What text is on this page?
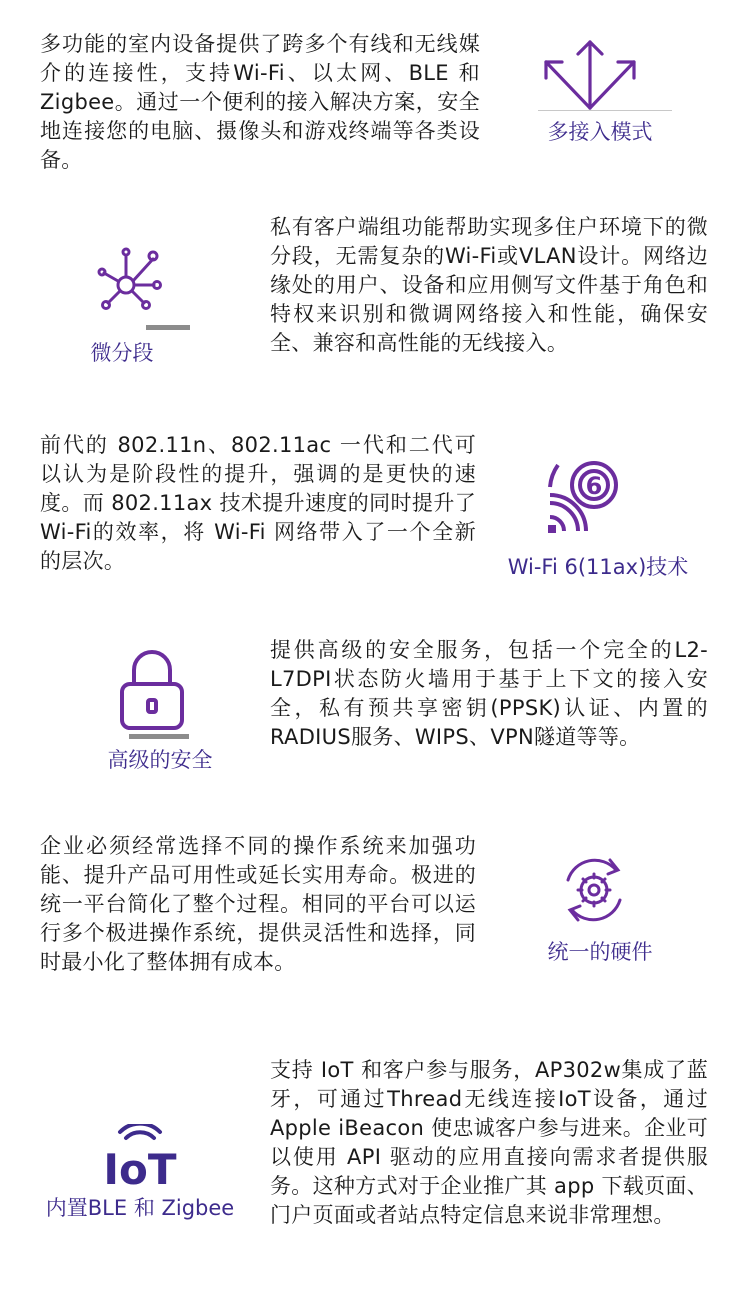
多功能的室内设备提供了跨多个有线和无线媒介的连接性，支持Wi-Fi、以太网、BLE 和 Zigbee。通过一个便利的接入解决方案，安全地连接您的电脑、摄像头和游戏终端等各类设备。

多接入模式
微分段

私有客户端组功能帮助实现多住户环境下的微分段，无需复杂的Wi-Fi或VLAN设计。网络边缘处的用户、设备和应用侧写文件基于角色和特权来识别和微调网络接入和性能，确保安全、兼容和高性能的无线接入。

前代的 802.11n、802.11ac 一代和二代可以认为是阶段性的提升，强调的是更快的速度。而 802.11ax 技术提升速度的同时提升了Wi-Fi的效率，将 Wi-Fi 网络带入了一个全新的层次。

6
Wi-Fi 6(11ax)技术
高级的安全

提供高级的安全服务，包括一个完全的L2-L7DPI状态防火墙用于基于上下文的接入安全，私有预共享密钥(PPSK)认证、内置的RADIUS服务、WIPS、VPN隧道等等。

企业必须经常选择不同的操作系统来加强功能、提升产品可用性或延长实用寿命。极进的统一平台简化了整个过程。相同的平台可以运行多个极进操作系统，提供灵活性和选择，同时最小化了整体拥有成本。	统一的硬件
IoT
内置BLE 和 Zigbee

支持 IoT 和客户参与服务，AP302w集成了蓝牙，可通过Thread无线连接IoT设备，通过 Apple iBeacon 使忠诚客户参与进来。企业可以使用 API 驱动的应用直接向需求者提供服务。这种方式对于企业推广其 app 下载页面、门户页面或者站点特定信息来说非常理想。
